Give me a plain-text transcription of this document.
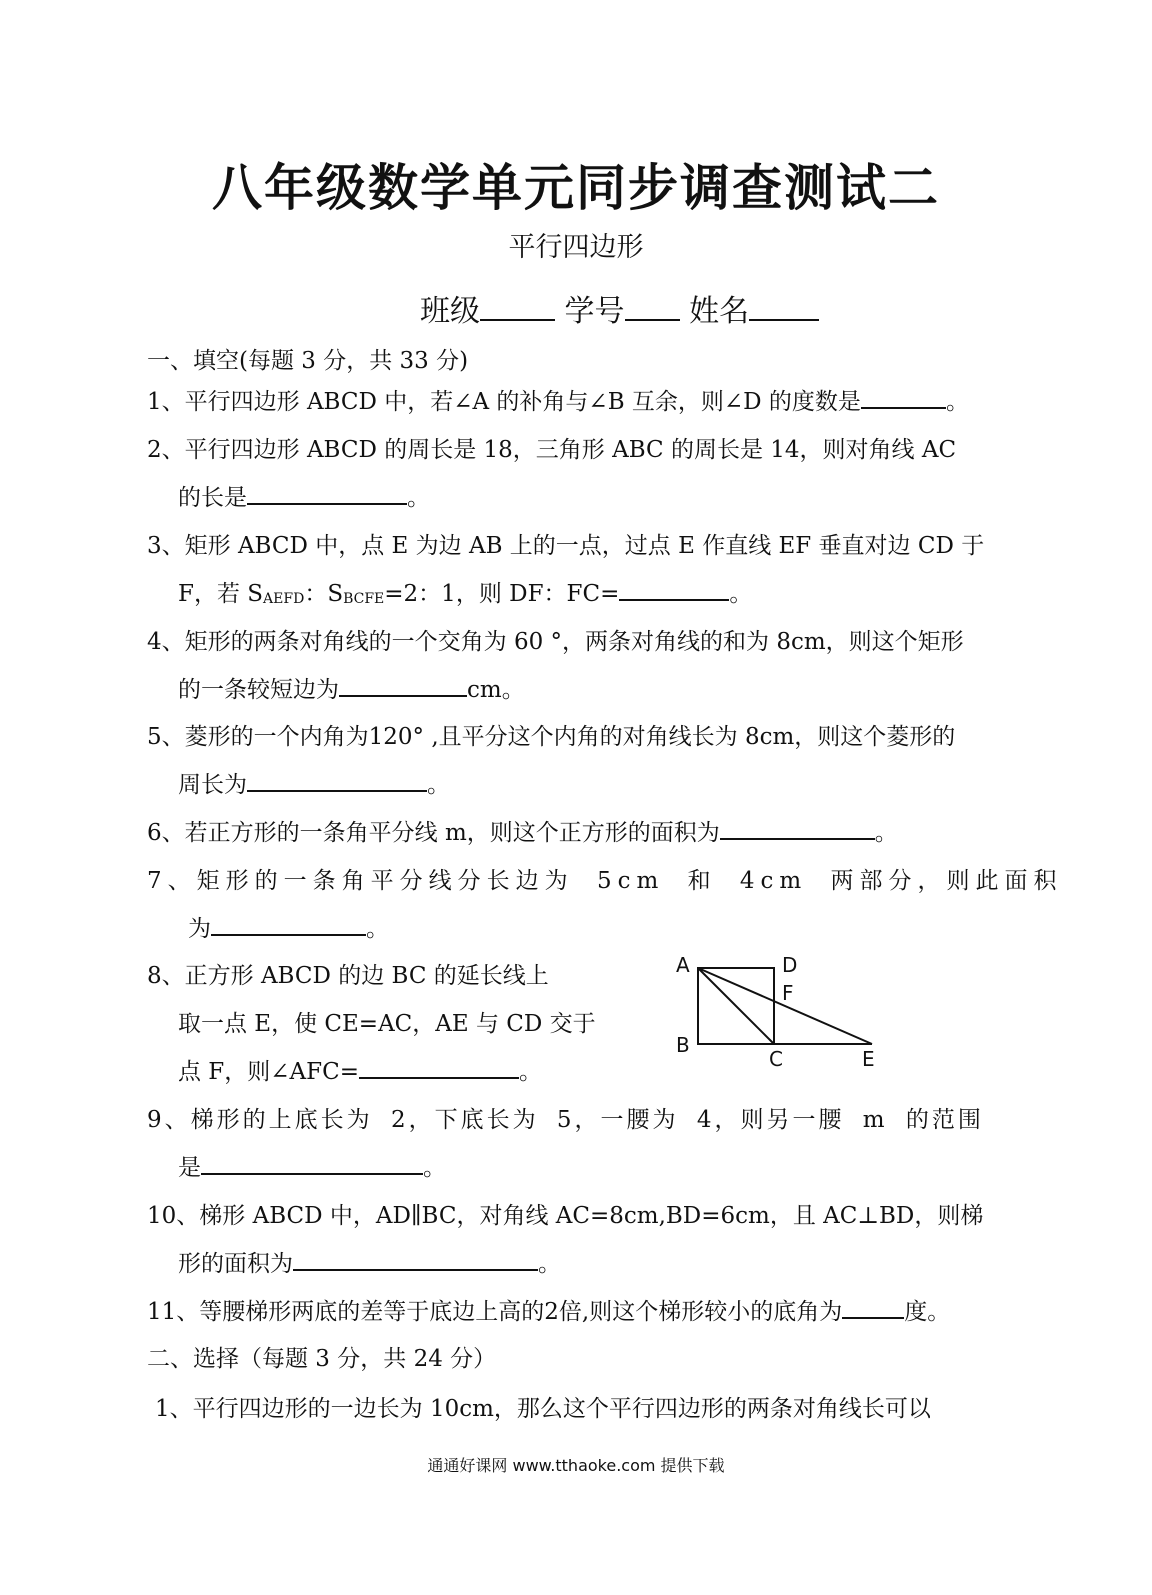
八年级数学单元同步调查测试二
平行四边形
班级	学号 姓名
一、填空(每题 3 分，共 33 分)
1、平行四边形 ABCD 中，若∠A 的补角与∠B 互余，则∠D 的度数是	。
2、平行四边形 ABCD 的周长是 18，三角形 ABC 的周长是 14，则对角线 AC
的长是	。
3、矩形 ABCD 中，点 E 为边 AB 上的一点，过点 E 作直线 EF 垂直对边 CD 于
F，若 $S_{AEFD}$：$S_{BCFE}=2$：1，则 DF：FC=	。
4、矩形的两条对角线的一个交角为 60 °，两条对角线的和为 8cm，则这个矩形
的一条较短边为	cm。
5、菱形的一个内角为120° ,且平分这个内角的对角线长为 8cm，则这个菱形的
周长为	。
6、若正方形的一条角平分线 m，则这个正方形的面积为	。
7、矩形的一条角平分线分长边为 5cm 和 4cm 两部分，则此面积
为	。
8、正方形 ABCD 的边 BC 的延长线上
取一点 E，使 CE=AC，AE 与 CD 交于
点 F，则∠AFC=	。
A	D
F
B
C	E
9、梯形的上底长为 2，下底长为 5，一腰为 4，则另一腰 m 的范围
是	。
10、梯形 ABCD 中，AD∥BC，对角线 AC=8cm,BD=6cm，且 AC⊥BD，则梯
形的面积为	。
11、等腰梯形两底的差等于底边上高的2倍,则这个梯形较小的底角为	度。
二、选择（每题 3 分，共 24 分）
1、平行四边形的一边长为 10cm，那么这个平行四边形的两条对角线长可以
通通好课网 www.tthaoke.com 提供下载
